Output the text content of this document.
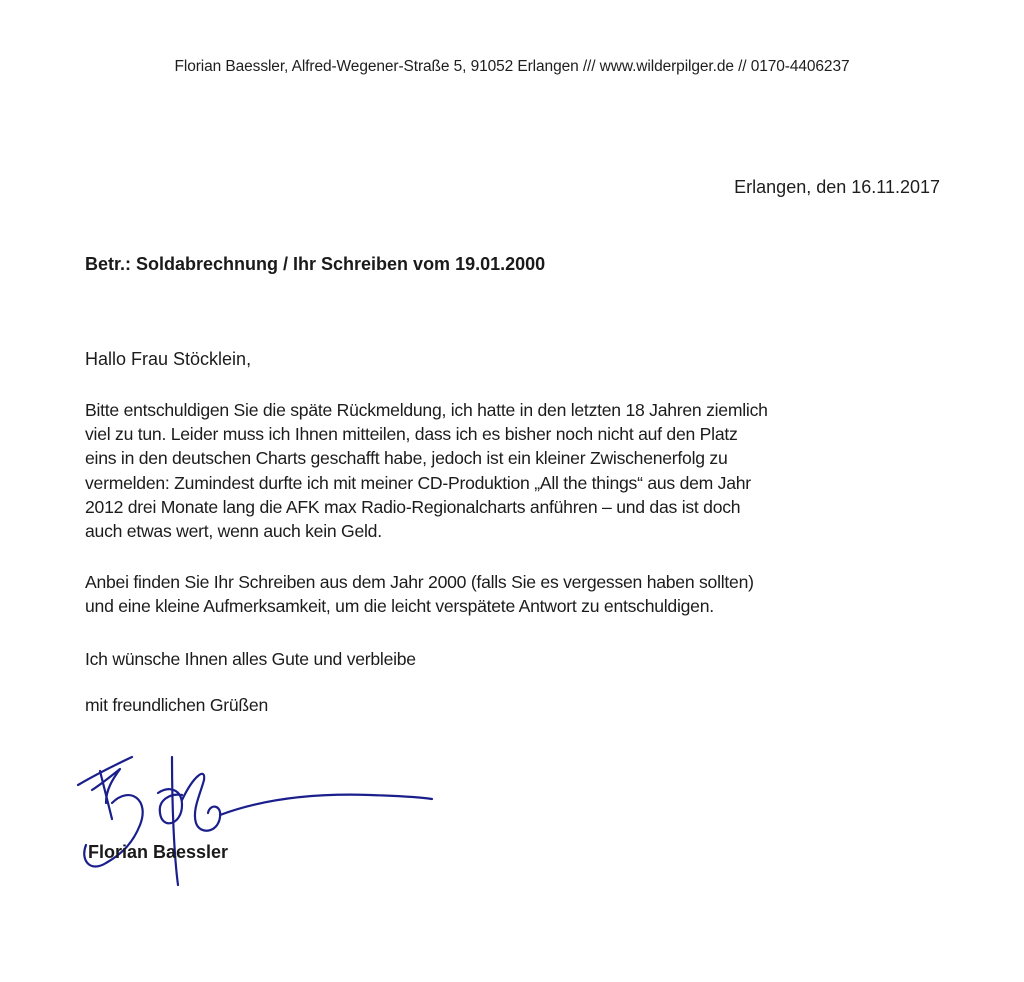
Florian Baessler, Alfred-Wegener-Straße 5, 91052 Erlangen /// www.wilderpilger.de // 0170-4406237
Erlangen, den 16.11.2017
Betr.: Soldabrechnung / Ihr Schreiben vom 19.01.2000
Hallo Frau Stöcklein,
Bitte entschuldigen Sie die späte Rückmeldung, ich hatte in den letzten 18 Jahren ziemlich
viel zu tun. Leider muss ich Ihnen mitteilen, dass ich es bisher noch nicht auf den Platz
eins in den deutschen Charts geschafft habe, jedoch ist ein kleiner Zwischenerfolg zu
vermelden: Zumindest durfte ich mit meiner CD-Produktion „All the things“ aus dem Jahr
2012 drei Monate lang die AFK max Radio-Regionalcharts anführen – und das ist doch
auch etwas wert, wenn auch kein Geld.
Anbei finden Sie Ihr Schreiben aus dem Jahr 2000 (falls Sie es vergessen haben sollten)
und eine kleine Aufmerksamkeit, um die leicht verspätete Antwort zu entschuldigen.
Ich wünsche Ihnen alles Gute und verbleibe
mit freundlichen Grüßen
Florian Baessler
